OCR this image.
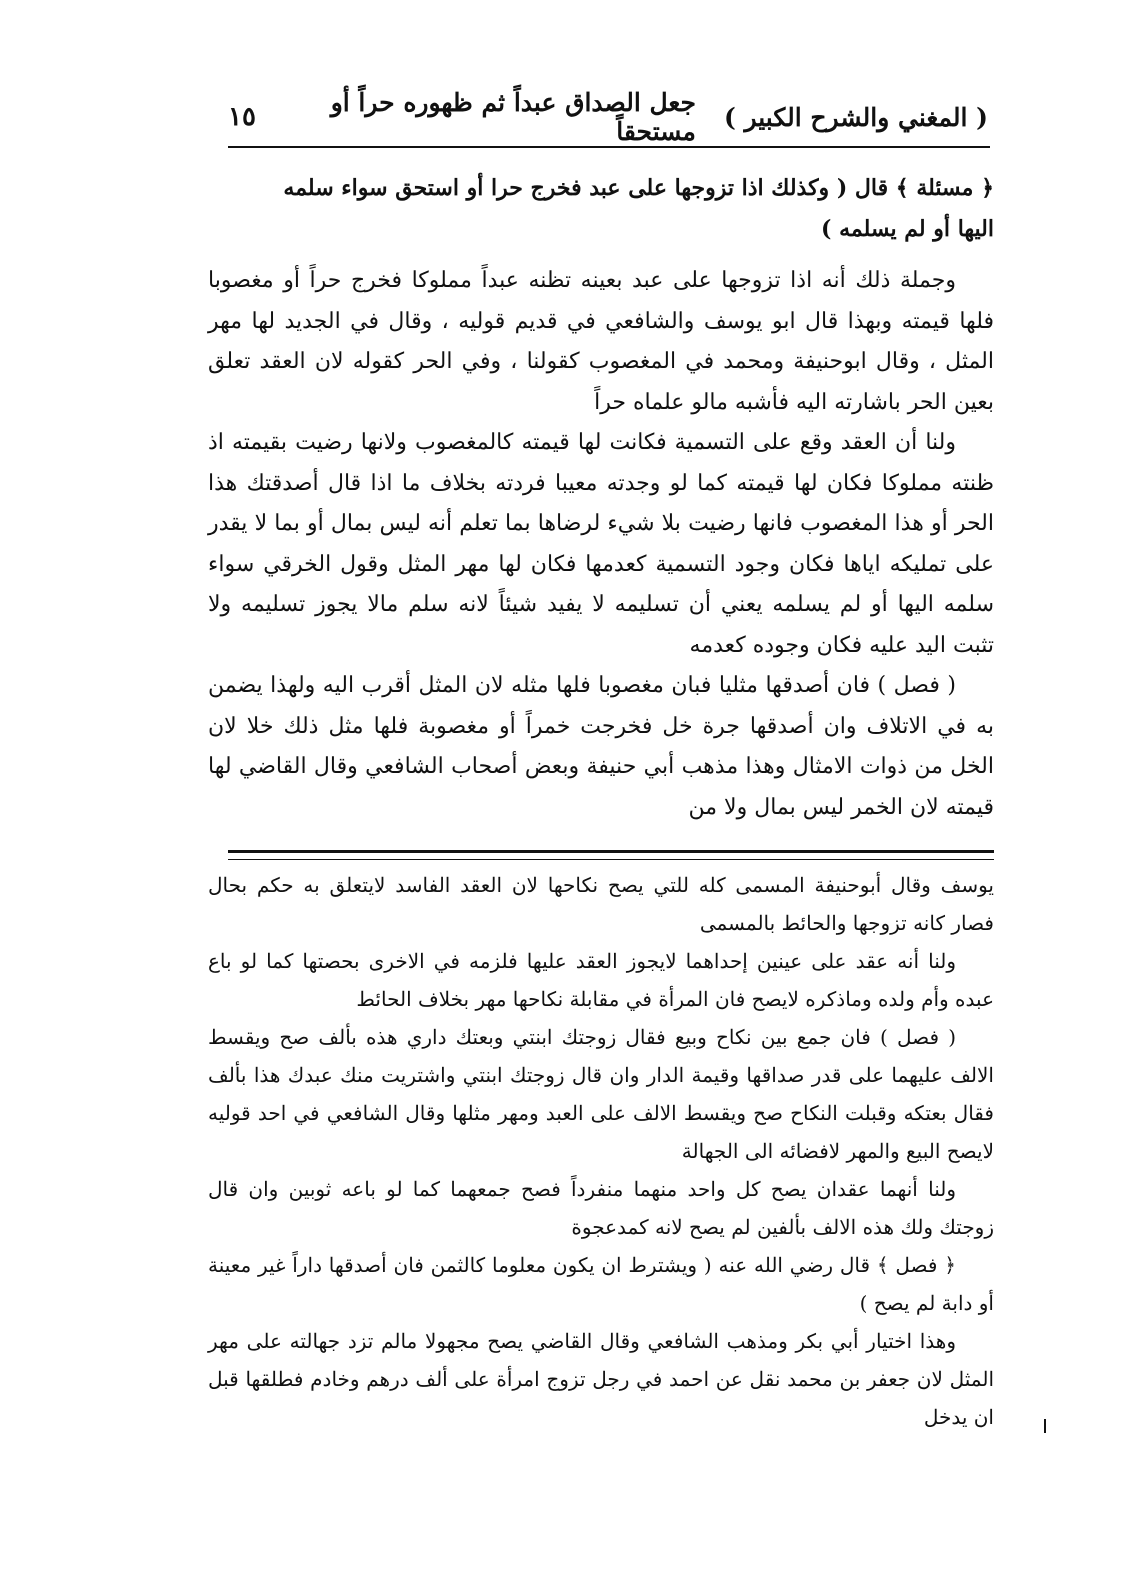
( المغني والشرح الكبير )
جعل الصداق عبداً ثم ظهوره حراً أو مستحقاً
١٥

﴿ مسئلة ﴾ قال ( وكذلك اذا تزوجها على عبد فخرج حرا أو استحق سواء سلمه

اليها أو لم يسلمه )

وجملة ذلك أنه اذا تزوجها على عبد بعينه تظنه عبداً مملوكا فخرج حراً أو مغصوبا فلها قيمته وبهذا قال ابو يوسف والشافعي في قديم قوليه ، وقال في الجديد لها مهر المثل ، وقال ابوحنيفة ومحمد في المغصوب كقولنا ، وفي الحر كقوله لان العقد تعلق بعين الحر باشارته اليه فأشبه مالو علماه حراً

ولنا أن العقد وقع على التسمية فكانت لها قيمته كالمغصوب ولانها رضيت بقيمته اذ ظنته مملوكا فكان لها قيمته كما لو وجدته معيبا فردته بخلاف ما اذا قال أصدقتك هذا الحر أو هذا المغصوب فانها رضيت بلا شيء لرضاها بما تعلم أنه ليس بمال أو بما لا يقدر على تمليكه اياها فكان وجود التسمية كعدمها فكان لها مهر المثل وقول الخرقي سواء سلمه اليها أو لم يسلمه يعني أن تسليمه لا يفيد شيئاً لانه سلم مالا يجوز تسليمه ولا تثبت اليد عليه فكان وجوده كعدمه

( فصل ) فان أصدقها مثليا فبان مغصوبا فلها مثله لان المثل أقرب اليه ولهذا يضمن به في الاتلاف وان أصدقها جرة خل فخرجت خمراً أو مغصوبة فلها مثل ذلك خلا لان الخل من ذوات الامثال وهذا مذهب أبي حنيفة وبعض أصحاب الشافعي وقال القاضي لها قيمته لان الخمر ليس بمال ولا من

يوسف وقال أبوحنيفة المسمى كله للتي يصح نكاحها لان العقد الفاسد لايتعلق به حكم بحال فصار كانه تزوجها والحائط بالمسمى

ولنا أنه عقد على عينين إحداهما لايجوز العقد عليها فلزمه في الاخرى بحصتها كما لو باع عبده وأم ولده وماذكره لايصح فان المرأة في مقابلة نكاحها مهر بخلاف الحائط

( فصل ) فان جمع بين نكاح وبيع فقال زوجتك ابنتي وبعتك داري هذه بألف صح ويقسط الالف عليهما على قدر صداقها وقيمة الدار وان قال زوجتك ابنتي واشتريت منك عبدك هذا بألف فقال بعتكه وقبلت النكاح صح ويقسط الالف على العبد ومهر مثلها وقال الشافعي في احد قوليه لايصح البيع والمهر لافضائه الى الجهالة

ولنا أنهما عقدان يصح كل واحد منهما منفرداً فصح جمعهما كما لو باعه ثوبين وان قال زوجتك ولك هذه الالف بألفين لم يصح لانه كمدعجوة

﴿ فصل ﴾ قال رضي الله عنه ( ويشترط ان يكون معلوما كالثمن فان أصدقها داراً غير معينة أو دابة لم يصح )

وهذا اختيار أبي بكر ومذهب الشافعي وقال القاضي يصح مجهولا مالم تزد جهالته على مهر المثل لان جعفر بن محمد نقل عن احمد في رجل تزوج امرأة على ألف درهم وخادم فطلقها قبل ان يدخل
